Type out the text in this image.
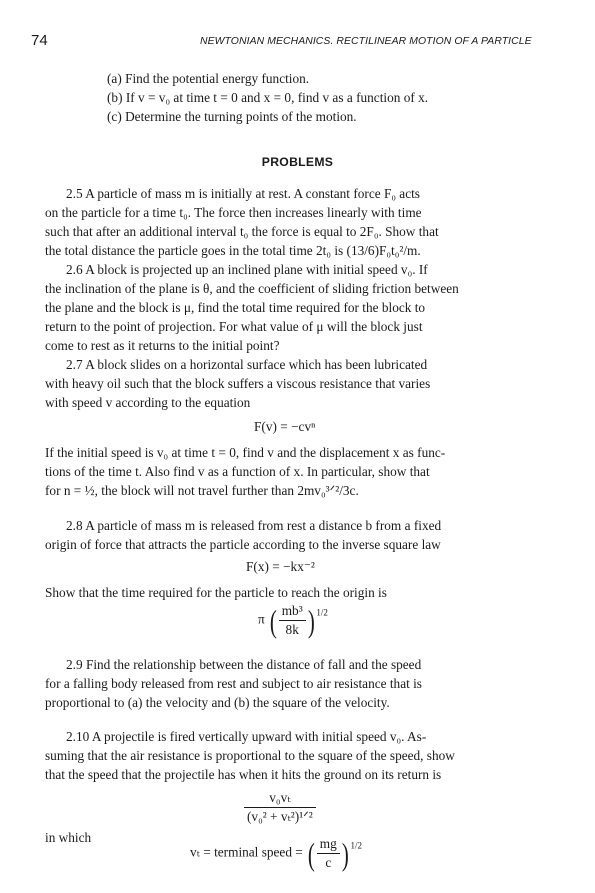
74	NEWTONIAN MECHANICS. RECTILINEAR MOTION OF A PARTICLE
(a) Find the potential energy function.
(b) If v = v₀ at time t = 0 and x = 0, find v as a function of x.
(c) Determine the turning points of the motion.
PROBLEMS
2.5 A particle of mass m is initially at rest. A constant force F₀ acts
on the particle for a time t₀. The force then increases linearly with time
such that after an additional interval t₀ the force is equal to 2F₀. Show that
the total distance the particle goes in the total time 2t₀ is (13/6)F₀t₀²/m.
2.6 A block is projected up an inclined plane with initial speed v₀. If
the inclination of the plane is θ, and the coefficient of sliding friction between
the plane and the block is μ, find the total time required for the block to
return to the point of projection. For what value of μ will the block just
come to rest as it returns to the initial point?
2.7 A block slides on a horizontal surface which has been lubricated
with heavy oil such that the block suffers a viscous resistance that varies
with speed v according to the equation
F(v) = −cvⁿ
If the initial speed is v₀ at time t = 0, find v and the displacement x as func-
tions of the time t. Also find v as a function of x. In particular, show that
for n = ½, the block will not travel further than 2mv₀³ᐟ²/3c.
2.8 A particle of mass m is released from rest a distance b from a fixed
origin of force that attracts the particle according to the inverse square law
F(x) = −kx⁻²
Show that the time required for the particle to reach the origin is
π ( $\frac{\text{mb³}}{8k}$ ) $^{1/2}$
2.9 Find the relationship between the distance of fall and the speed
for a falling body released from rest and subject to air resistance that is
proportional to (a) the velocity and (b) the square of the velocity.
2.10 A projectile is fired vertically upward with initial speed v₀. As-
suming that the air resistance is proportional to the square of the speed, show
that the speed that the projectile has when it hits the ground on its return is
$\frac{\text{v₀vₜ}}{\text{(v₀² + vₜ²)¹ᐟ²}}$
in which
vₜ = terminal speed = ( $\frac{mg}{c}$ ) $^{1/2}$
